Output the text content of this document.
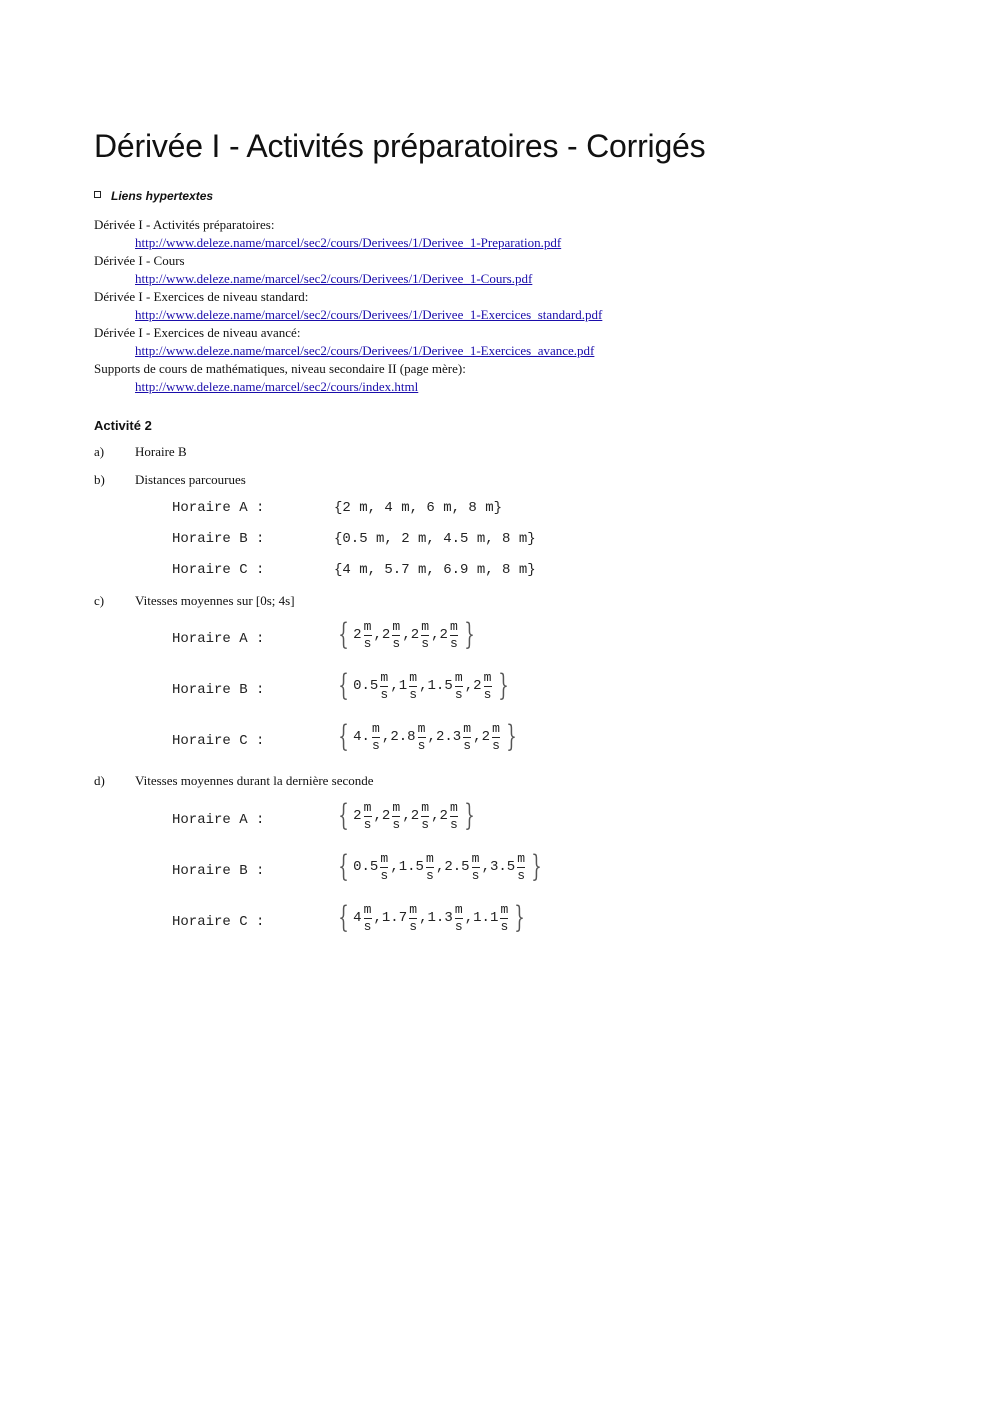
Dérivée I - Activités préparatoires - Corrigés
Liens hypertextes
Dérivée I - Activités préparatoires:
http://www.deleze.name/marcel/sec2/cours/Derivees/1/Derivee_1-Preparation.pdf
Dérivée I - Cours
http://www.deleze.name/marcel/sec2/cours/Derivees/1/Derivee_1-Cours.pdf
Dérivée I - Exercices de niveau standard:
http://www.deleze.name/marcel/sec2/cours/Derivees/1/Derivee_1-Exercices_standard.pdf
Dérivée I - Exercices de niveau avancé:
http://www.deleze.name/marcel/sec2/cours/Derivees/1/Derivee_1-Exercices_avance.pdf
Supports de cours de mathématiques, niveau secondaire II (page mère):
http://www.deleze.name/marcel/sec2/cours/index.html
Activité 2
a) Horaire B
b) Distances parcourues
Horaire A :	{2 m, 4 m, 6 m, 8 m}
Horaire B :	{0.5 m, 2 m, 4.5 m, 8 m}
Horaire C :	{4 m, 5.7 m, 6.9 m, 8 m}
c) Vitesses moyennes sur [0s; 4s]
Horaire A : { $2 \frac{m}{s}$ , $2 \frac{m}{s}$ , $2 \frac{m}{s}$ , $2 \frac{m}{s}$ }
Horaire B : { $0.5 \frac{m}{s}$ , $1 \frac{m}{s}$ , $1.5 \frac{m}{s}$ , $2 \frac{m}{s}$ }
Horaire C : { 4. $\frac{m}{s}$ , $2.8 \frac{m}{s}$ , $2.3 \frac{m}{s}$ , $2 \frac{m}{s}$ }
d) Vitesses moyennes durant la dernière seconde
Horaire A : { $2 \frac{m}{s}$ , $2 \frac{m}{s}$ , $2 \frac{m}{s}$ , $2 \frac{m}{s}$ }
Horaire B : { $0.5 \frac{m}{s}$ , $1.5 \frac{m}{s}$ , $2.5 \frac{m}{s}$ , $3.5 \frac{m}{s}$ }
Horaire C : { $4 \frac{m}{s}$ , $1.7 \frac{m}{s}$ , $1.3 \frac{m}{s}$ , $1.1 \frac{m}{s}$ }
